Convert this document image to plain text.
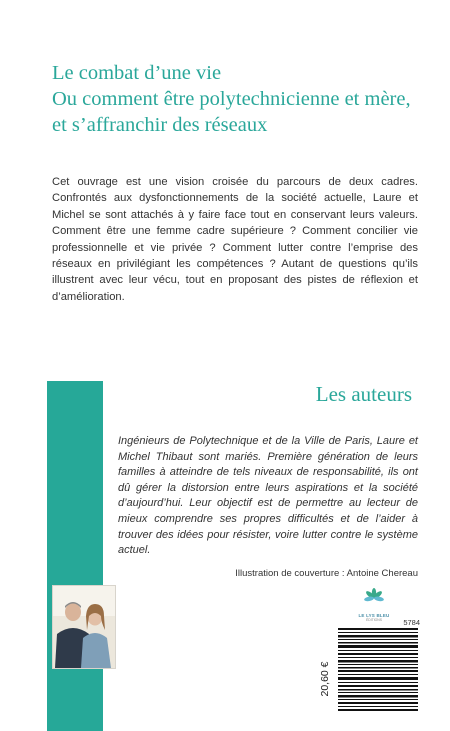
Le combat d’une vie
Ou comment être polytechnicienne et mère,
et s’affranchir des réseaux
Cet ouvrage est une vision croisée du parcours de deux cadres. Confrontés aux dysfonctionnements de la société actuelle, Laure et Michel se sont attachés à y faire face tout en conservant leurs valeurs. Comment être une femme cadre supérieure ? Comment concilier vie professionnelle et vie privée ? Comment lutter contre l’emprise des réseaux en privilégiant les compétences ? Autant de questions qu’ils illustrent avec leur vécu, tout en proposant des pistes de réflexion et d’amélioration.
Les auteurs
Ingénieurs de Polytechnique et de la Ville de Paris, Laure et Michel Thibaut sont mariés. Première génération de leurs familles à atteindre de tels niveaux de responsabilité, ils ont dû gérer la distorsion entre leurs aspirations et la société d’aujourd’hui. Leur objectif est de permettre au lecteur de mieux comprendre ses propres difficultés et de l’aider à trouver des idées pour résister, voire lutter contre le système actuel.
Illustration de couverture : Antoine Chereau
LE LYS BLEU
ÉDITIONS	5784
20,60 €
